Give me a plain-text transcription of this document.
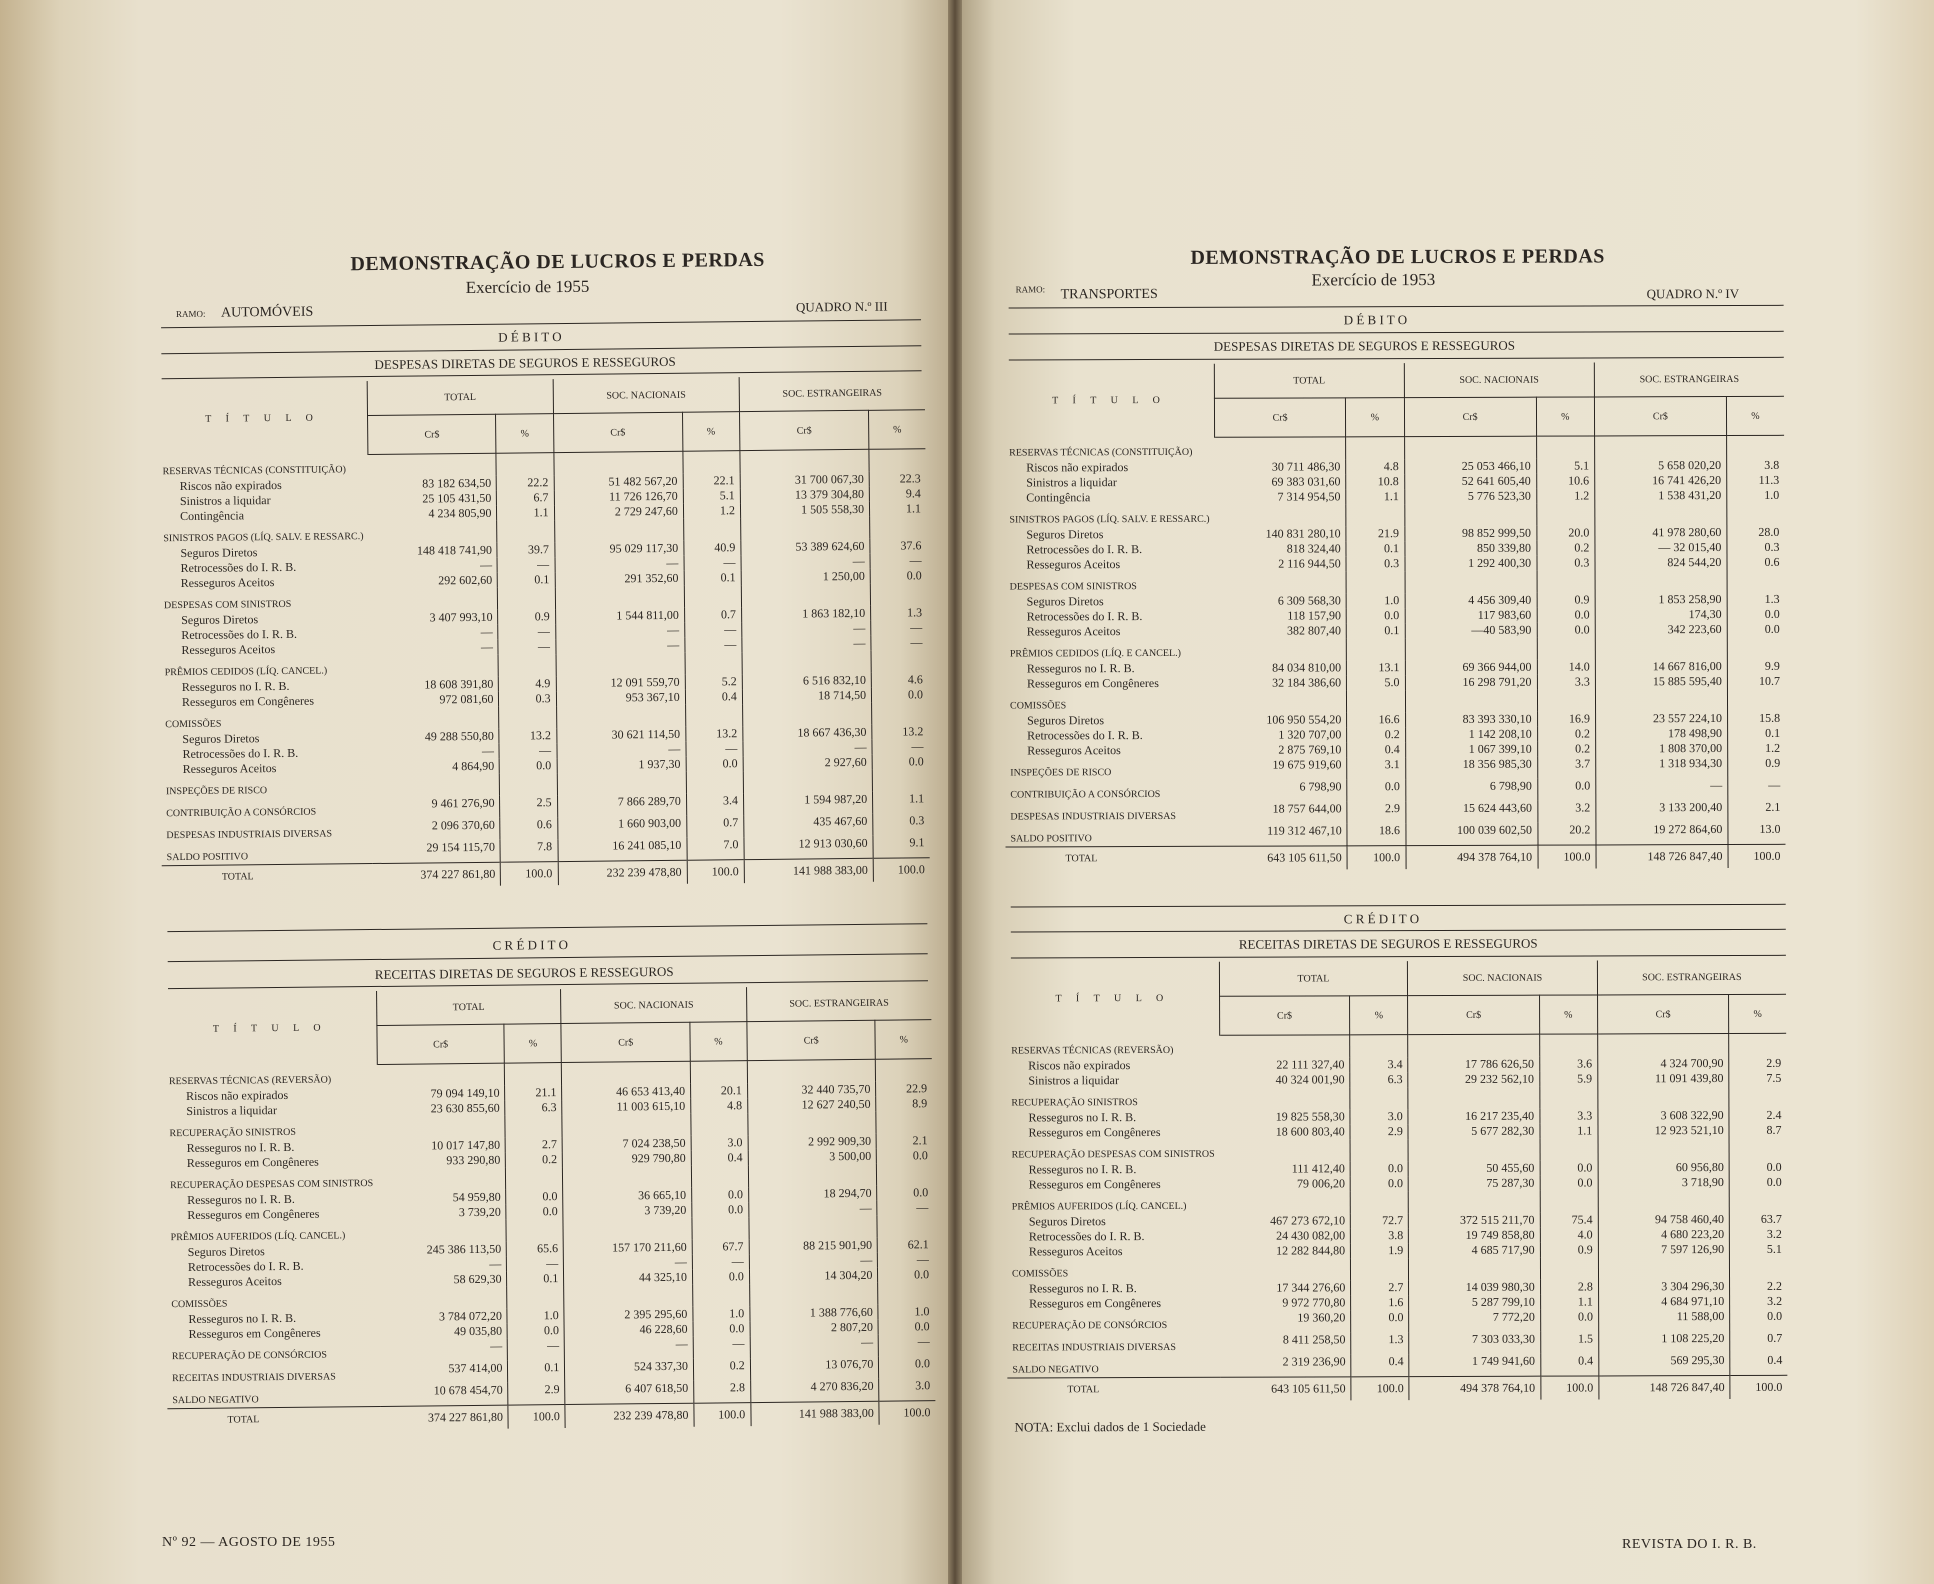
DEMONSTRAÇÃO DE LUCROS E PERDAS
Exercício de 1955
RAMO: AUTOMÓVEIS	QUADRO N.º III
D É B I T O
DESPESAS DIRETAS DE SEGUROS E RESSEGUROS
T Í T U L O	TOTAL		SOC. NACIONAIS		SOC. ESTRANGEIRAS	
	Cr$	%	Cr$	%	Cr$	%
RESERVAS TÉCNICAS (CONSTITUIÇÃO)						
Riscos não expirados	83 182 634,50	22.2	51 482 567,20	22.1	31 700 067,30	22.3
Sinistros a liquidar	25 105 431,50	6.7	11 726 126,70	5.1	13 379 304,80	9.4
Contingência	4 234 805,90	1.1	2 729 247,60	1.2	1 505 558,30	1.1
SINISTROS PAGOS (LÍQ. SALV. E RESSARC.)						
Seguros Diretos	148 418 741,90	39.7	95 029 117,30	40.9	53 389 624,60	37.6
Retrocessões do I. R. B.	—	—	—	—	—	—
Resseguros Aceitos	292 602,60	0.1	291 352,60	0.1	1 250,00	0.0
DESPESAS COM SINISTROS						
Seguros Diretos	3 407 993,10	0.9	1 544 811,00	0.7	1 863 182,10	1.3
Retrocessões do I. R. B.	—	—	—	—	—	—
Resseguros Aceitos	—	—	—	—	—	—
PRÊMIOS CEDIDOS (LÍQ. CANCEL.)						
Resseguros no I. R. B.	18 608 391,80	4.9	12 091 559,70	5.2	6 516 832,10	4.6
Resseguros em Congêneres	972 081,60	0.3	953 367,10	0.4	18 714,50	0.0
COMISSÕES						
Seguros Diretos	49 288 550,80	13.2	30 621 114,50	13.2	18 667 436,30	13.2
Retrocessões do I. R. B.	—	—	—	—	—	—
Resseguros Aceitos	4 864,90	0.0	1 937,30	0.0	2 927,60	0.0
INSPEÇÕES DE RISCO						
CONTRIBUIÇÃO A CONSÓRCIOS	9 461 276,90	2.5	7 866 289,70	3.4	1 594 987,20	1.1
DESPESAS INDUSTRIAIS DIVERSAS	2 096 370,60	0.6	1 660 903,00	0.7	435 467,60	0.3
SALDO POSITIVO	29 154 115,70	7.8	16 241 085,10	7.0	12 913 030,60	9.1
TOTAL	374 227 861,80	100.0	232 239 478,80	100.0	141 988 383,00	100.0
C R É D I T O
RECEITAS DIRETAS DE SEGUROS E RESSEGUROS
T Í T U L O	TOTAL		SOC. NACIONAIS		SOC. ESTRANGEIRAS	
	Cr$	%	Cr$	%	Cr$	%
RESERVAS TÉCNICAS (REVERSÃO)						
Riscos não expirados	79 094 149,10	21.1	46 653 413,40	20.1	32 440 735,70	22.9
Sinistros a liquidar	23 630 855,60	6.3	11 003 615,10	4.8	12 627 240,50	8.9
RECUPERAÇÃO SINISTROS						
Resseguros no I. R. B.	10 017 147,80	2.7	7 024 238,50	3.0	2 992 909,30	2.1
Resseguros em Congêneres	933 290,80	0.2	929 790,80	0.4	3 500,00	0.0
RECUPERAÇÃO DESPESAS COM SINISTROS						
Resseguros no I. R. B.	54 959,80	0.0	36 665,10	0.0	18 294,70	0.0
Resseguros em Congêneres	3 739,20	0.0	3 739,20	0.0	—	—
PRÊMIOS AUFERIDOS (LÍQ. CANCEL.)						
Seguros Diretos	245 386 113,50	65.6	157 170 211,60	67.7	88 215 901,90	62.1
Retrocessões do I. R. B.	—	—	—	—	—	—
Resseguros Aceitos	58 629,30	0.1	44 325,10	0.0	14 304,20	0.0
COMISSÕES						
Resseguros no I. R. B.	3 784 072,20	1.0	2 395 295,60	1.0	1 388 776,60	1.0
Resseguros em Congêneres	49 035,80	0.0	46 228,60	0.0	2 807,20	0.0
RECUPERAÇÃO DE CONSÓRCIOS	—	—	—	—	—	—
RECEITAS INDUSTRIAIS DIVERSAS	537 414,00	0.1	524 337,30	0.2	13 076,70	0.0
SALDO NEGATIVO	10 678 454,70	2.9	6 407 618,50	2.8	4 270 836,20	3.0
TOTAL	374 227 861,80	100.0	232 239 478,80	100.0	141 988 383,00	100.0
Nº 92 — AGOSTO DE 1955
DEMONSTRAÇÃO DE LUCROS E PERDAS
Exercício de 1953
RAMO: TRANSPORTES	QUADRO N.º IV
D É B I T O
DESPESAS DIRETAS DE SEGUROS E RESSEGUROS
T Í T U L O	TOTAL		SOC. NACIONAIS		SOC. ESTRANGEIRAS	
	Cr$	%	Cr$	%	Cr$	%
RESERVAS TÉCNICAS (CONSTITUIÇÃO)						
Riscos não expirados	30 711 486,30	4.8	25 053 466,10	5.1	5 658 020,20	3.8
Sinistros a liquidar	69 383 031,60	10.8	52 641 605,40	10.6	16 741 426,20	11.3
Contingência	7 314 954,50	1.1	5 776 523,30	1.2	1 538 431,20	1.0
SINISTROS PAGOS (LÍQ. SALV. E RESSARC.)						
Seguros Diretos	140 831 280,10	21.9	98 852 999,50	20.0	41 978 280,60	28.0
Retrocessões do I. R. B.	818 324,40	0.1	850 339,80	0.2	— 32 015,40	0.3
Resseguros Aceitos	2 116 944,50	0.3	1 292 400,30	0.3	824 544,20	0.6
DESPESAS COM SINISTROS						
Seguros Diretos	6 309 568,30	1.0	4 456 309,40	0.9	1 853 258,90	1.3
Retrocessões do I. R. B.	118 157,90	0.0	117 983,60	0.0	174,30	0.0
Resseguros Aceitos	382 807,40	0.1	—40 583,90	0.0	342 223,60	0.0
PRÊMIOS CEDIDOS (LÍQ. E CANCEL.)						
Resseguros no I. R. B.	84 034 810,00	13.1	69 366 944,00	14.0	14 667 816,00	9.9
Resseguros em Congêneres	32 184 386,60	5.0	16 298 791,20	3.3	15 885 595,40	10.7
COMISSÕES						
Seguros Diretos	106 950 554,20	16.6	83 393 330,10	16.9	23 557 224,10	15.8
Retrocessões do I. R. B.	1 320 707,00	0.2	1 142 208,10	0.2	178 498,90	0.1
Resseguros Aceitos	2 875 769,10	0.4	1 067 399,10	0.2	1 808 370,00	1.2
INSPEÇÕES DE RISCO	19 675 919,60	3.1	18 356 985,30	3.7	1 318 934,30	0.9
CONTRIBUIÇÃO A CONSÓRCIOS	6 798,90	0.0	6 798,90	0.0	—	—
DESPESAS INDUSTRIAIS DIVERSAS	18 757 644,00	2.9	15 624 443,60	3.2	3 133 200,40	2.1
SALDO POSITIVO	119 312 467,10	18.6	100 039 602,50	20.2	19 272 864,60	13.0
TOTAL	643 105 611,50	100.0	494 378 764,10	100.0	148 726 847,40	100.0
C R É D I T O
RECEITAS DIRETAS DE SEGUROS E RESSEGUROS
T Í T U L O	TOTAL		SOC. NACIONAIS		SOC. ESTRANGEIRAS	
	Cr$	%	Cr$	%	Cr$	%
RESERVAS TÉCNICAS (REVERSÃO)						
Riscos não expirados	22 111 327,40	3.4	17 786 626,50	3.6	4 324 700,90	2.9
Sinistros a liquidar	40 324 001,90	6.3	29 232 562,10	5.9	11 091 439,80	7.5
RECUPERAÇÃO SINISTROS						
Resseguros no I. R. B.	19 825 558,30	3.0	16 217 235,40	3.3	3 608 322,90	2.4
Resseguros em Congêneres	18 600 803,40	2.9	5 677 282,30	1.1	12 923 521,10	8.7
RECUPERAÇÃO DESPESAS COM SINISTROS						
Resseguros no I. R. B.	111 412,40	0.0	50 455,60	0.0	60 956,80	0.0
Resseguros em Congêneres	79 006,20	0.0	75 287,30	0.0	3 718,90	0.0
PRÊMIOS AUFERIDOS (LÍQ. CANCEL.)						
Seguros Diretos	467 273 672,10	72.7	372 515 211,70	75.4	94 758 460,40	63.7
Retrocessões do I. R. B.	24 430 082,00	3.8	19 749 858,80	4.0	4 680 223,20	3.2
Resseguros Aceitos	12 282 844,80	1.9	4 685 717,90	0.9	7 597 126,90	5.1
COMISSÕES						
Resseguros no I. R. B.	17 344 276,60	2.7	14 039 980,30	2.8	3 304 296,30	2.2
Resseguros em Congêneres	9 972 770,80	1.6	5 287 799,10	1.1	4 684 971,10	3.2
RECUPERAÇÃO DE CONSÓRCIOS	19 360,20	0.0	7 772,20	0.0	11 588,00	0.0
RECEITAS INDUSTRIAIS DIVERSAS	8 411 258,50	1.3	7 303 033,30	1.5	1 108 225,20	0.7
SALDO NEGATIVO	2 319 236,90	0.4	1 749 941,60	0.4	569 295,30	0.4
TOTAL	643 105 611,50	100.0	494 378 764,10	100.0	148 726 847,40	100.0
NOTA: Exclui dados de 1 Sociedade
REVISTA DO I. R. B.
